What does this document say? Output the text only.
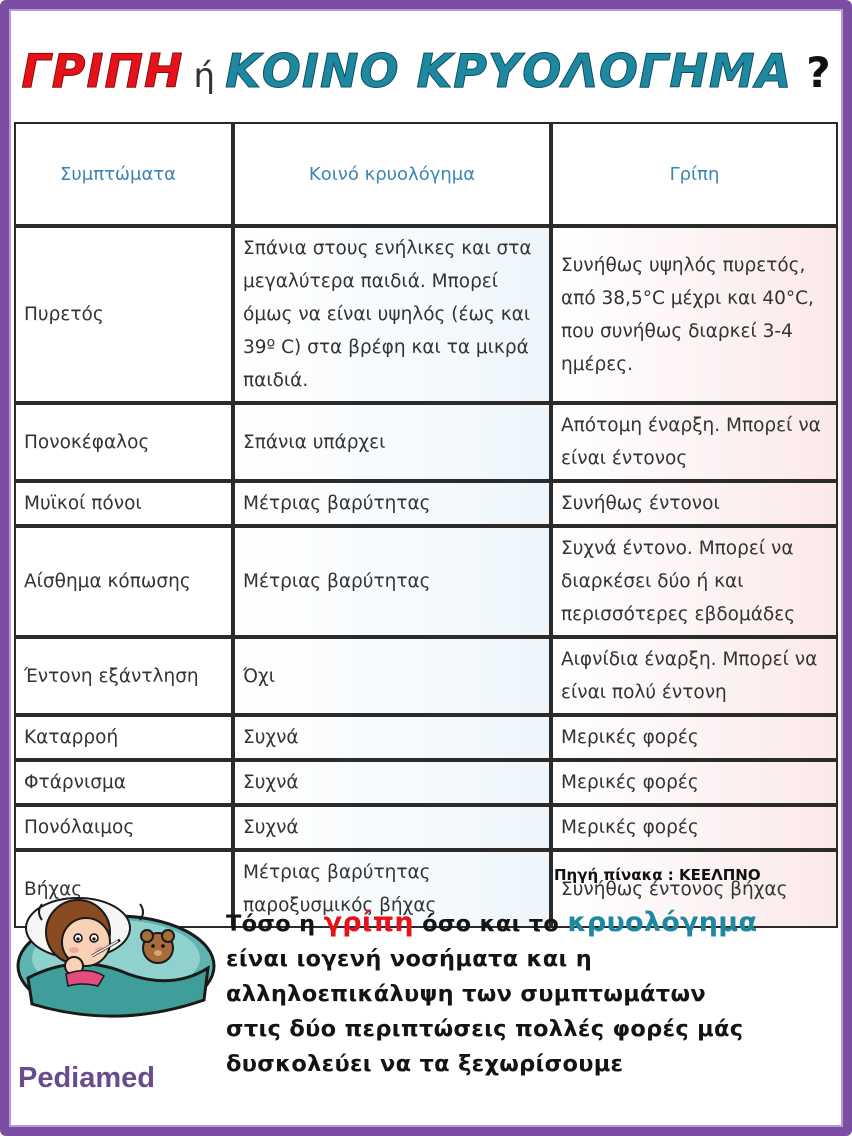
ΓΡΙΠΗ ή ΚΟΙΝΟ ΚΡΥΟΛΟΓΗΜΑ ?
Συμπτώματα	Κοινό κρυολόγημα	Γρίπη
Πυρετός	Σπάνια στους ενήλικες και στα μεγαλύτερα παιδιά. Μπορεί όμως να είναι υψηλός (έως και 39º C) στα βρέφη και τα μικρά παιδιά.	Συνήθως υψηλός πυρετός, από 38,5°C μέχρι και 40°C, που συνήθως διαρκεί 3-4 ημέρες.
Πονοκέφαλος	Σπάνια υπάρχει	Απότομη έναρξη. Μπορεί να είναι έντονος
Μυϊκοί πόνοι	Μέτριας βαρύτητας	Συνήθως έντονοι
Αίσθημα κόπωσης	Μέτριας βαρύτητας	Συχνά έντονο. Μπορεί να διαρκέσει δύο ή και περισσότερες εβδομάδες
Έντονη εξάντληση	Όχι	Αιφνίδια έναρξη. Μπορεί να είναι πολύ έντονη
Καταρροή	Συχνά	Μερικές φορές
Φτάρνισμα	Συχνά	Μερικές φορές
Πονόλαιμος	Συχνά	Μερικές φορές
Βήχας	Μέτριας βαρύτητας παροξυσμικός βήχας	Συνήθως έντονος βήχας
Πηγή πίνακα : ΚΕΕΛΠΝΟ
Pediamed
Τόσο η γρίπη όσο και το κρυολόγημα
είναι ιογενή νοσήματα και η
αλληλοεπικάλυψη των συμπτωμάτων
στις δύο περιπτώσεις πολλές φορές μάς
δυσκολεύει να τα ξεχωρίσουμε
